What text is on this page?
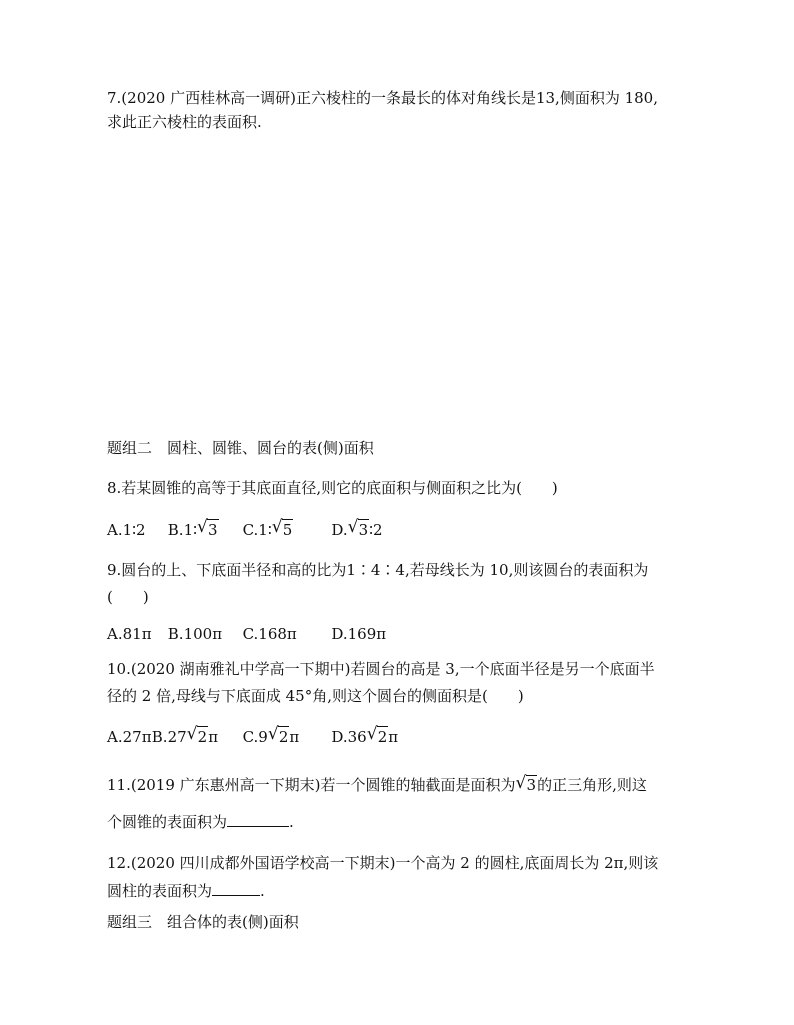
7.(2020 广西桂林高一调研)正六棱柱的一条最长的体对角线长是13,侧面积为 180,
求此正六棱柱的表面积.
题组二　圆柱、圆锥、圆台的表(侧)面积
8.若某圆锥的高等于其底面直径,则它的底面积与侧面积之比为(　　)
A.1∶2 B.1∶ √ 3 C.1∶ √ 5	D. √ 3∶2
9.圆台的上、下底面半径和高的比为1∶4∶4,若母线长为 10,则该圆台的表面积为
(　　)
A.81π B.100π C.168π D.169π
10.(2020 湖南雅礼中学高一下期中)若圆台的高是 3,一个底面半径是另一个底面半
径的 2 倍,母线与下底面成 45°角,则这个圆台的侧面积是(　　)
A.27π B.27 √ 2π C.9 √ 2π D.36 √ 2π
11.(2019 广东惠州高一下期末)若一个圆锥的轴截面是面积为 √ 3的正三角形,则这
个圆锥的表面积为	.
12.(2020 四川成都外国语学校高一下期末)一个高为 2 的圆柱,底面周长为 2π,则该
圆柱的表面积为	.
题组三　组合体的表(侧)面积
